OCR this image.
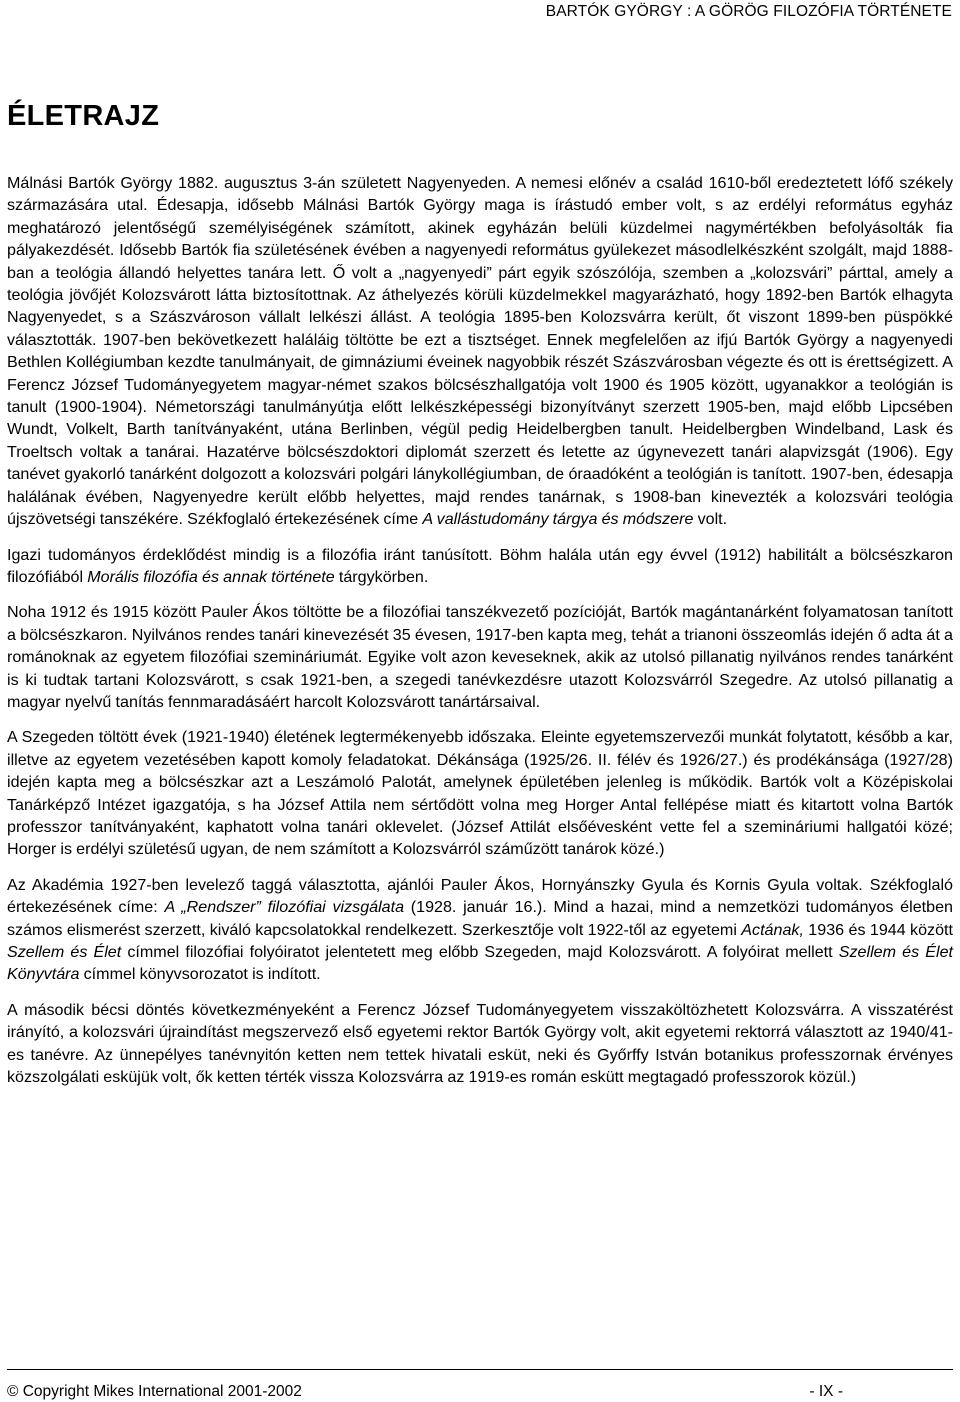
BARTÓK GYÖRGY : A GÖRÖG FILOZÓFIA TÖRTÉNETE
ÉLETRAJZ

Málnási Bartók György 1882. augusztus 3-án született Nagyenyeden. A nemesi előnév a család 1610-ből eredeztetett lófő székely származására utal. Édesapja, idősebb Málnási Bartók György maga is írástudó ember volt, s az erdélyi református egyház meghatározó jelentőségű személyiségének számított, akinek egyházán belüli küzdelmei nagymértékben befolyásolták fia pályakezdését. Idősebb Bartók fia születésének évében a nagyenyedi református gyülekezet másodlelkészként szolgált, majd 1888-ban a teológia állandó helyettes tanára lett. Ő volt a „nagyenyedi” párt egyik szószólója, szemben a „kolozsvári” párttal, amely a teológia jövőjét Kolozsvárott látta biztosítottnak. Az áthelyezés körüli küzdelmekkel magyarázható, hogy 1892-ben Bartók elhagyta Nagyenyedet, s a Szászvároson vállalt lelkészi állást. A teológia 1895-ben Kolozsvárra került, őt viszont 1899-ben püspökké választották. 1907-ben bekövetkezett haláláig töltötte be ezt a tisztséget. Ennek megfelelően az ifjú Bartók György a nagyenyedi Bethlen Kollégiumban kezdte tanulmányait, de gimnáziumi éveinek nagyobbik részét Szászvárosban végezte és ott is érettségizett. A Ferencz József Tudományegyetem magyar-német szakos bölcsészhallgatója volt 1900 és 1905 között, ugyanakkor a teológián is tanult (1900-1904). Németországi tanulmányútja előtt lelkészképességi bizonyítványt szerzett 1905-ben, majd előbb Lipcsében Wundt, Volkelt, Barth tanítványaként, utána Berlinben, végül pedig Heidelbergben tanult. Heidelbergben Windelband, Lask és Troeltsch voltak a tanárai. Hazatérve bölcsészdoktori diplomát szerzett és letette az úgynevezett tanári alapvizsgát (1906). Egy tanévet gyakorló tanárként dolgozott a kolozsvári polgári lánykollégiumban, de óraadóként a teológián is tanított. 1907-ben, édesapja halálának évében, Nagyenyedre került előbb helyettes, majd rendes tanárnak, s 1908-ban kinevezték a kolozsvári teológia újszövetségi tanszékére. Székfoglaló értekezésének címe A vallástudomány tárgya és módszere volt.

Igazi tudományos érdeklődést mindig is a filozófia iránt tanúsított. Böhm halála után egy évvel (1912) habilitált a bölcsészkaron filozófiából Morális filozófia és annak története tárgykörben.

Noha 1912 és 1915 között Pauler Ákos töltötte be a filozófiai tanszékvezető pozícióját, Bartók magántanárként folyamatosan tanított a bölcsészkaron. Nyilvános rendes tanári kinevezését 35 évesen, 1917-ben kapta meg, tehát a trianoni összeomlás idején ő adta át a románoknak az egyetem filozófiai szemináriumát. Egyike volt azon keveseknek, akik az utolsó pillanatig nyilvános rendes tanárként is ki tudtak tartani Kolozsvárott, s csak 1921-ben, a szegedi tanévkezdésre utazott Kolozsvárról Szegedre. Az utolsó pillanatig a magyar nyelvű tanítás fennmaradásáért harcolt Kolozsvárott tanártársaival.

A Szegeden töltött évek (1921-1940) életének legtermékenyebb időszaka. Eleinte egyetemszervezői munkát folytatott, később a kar, illetve az egyetem vezetésében kapott komoly feladatokat. Dékánsága (1925/26. II. félév és 1926/27.) és prodékánsága (1927/28) idején kapta meg a bölcsészkar azt a Leszámoló Palotát, amelynek épületében jelenleg is működik. Bartók volt a Középiskolai Tanárképző Intézet igazgatója, s ha József Attila nem sértődött volna meg Horger Antal fellépése miatt és kitartott volna Bartók professzor tanítványaként, kaphatott volna tanári oklevelet. (József Attilát elsőévesként vette fel a szemináriumi hallgatói közé; Horger is erdélyi születésű ugyan, de nem számított a Kolozsvárról száműzött tanárok közé.)

Az Akadémia 1927-ben levelező taggá választotta, ajánlói Pauler Ákos, Hornyánszky Gyula és Kornis Gyula voltak. Székfoglaló értekezésének címe: A „Rendszer” filozófiai vizsgálata (1928. január 16.). Mind a hazai, mind a nemzetközi tudományos életben számos elismerést szerzett, kiváló kapcsolatokkal rendelkezett. Szerkesztője volt 1922-től az egyetemi Actának, 1936 és 1944 között Szellem és Élet címmel filozófiai folyóiratot jelentetett meg előbb Szegeden, majd Kolozsvárott. A folyóirat mellett Szellem és Élet Könyvtára címmel könyvsorozatot is indított.

A második bécsi döntés következményeként a Ferencz József Tudományegyetem visszaköltözhetett Kolozsvárra. A visszatérést irányító, a kolozsvári újraindítást megszervező első egyetemi rektor Bartók György volt, akit egyetemi rektorrá választott az 1940/41-es tanévre. Az ünnepélyes tanévnyitón ketten nem tettek hivatali esküt, neki és Győrffy István botanikus professzornak érvényes közszolgálati esküjük volt, ők ketten térték vissza Kolozsvárra az 1919-es román eskütt megtagadó professzorok közül.)

© Copyright Mikes International 2001-2002	- IX -
